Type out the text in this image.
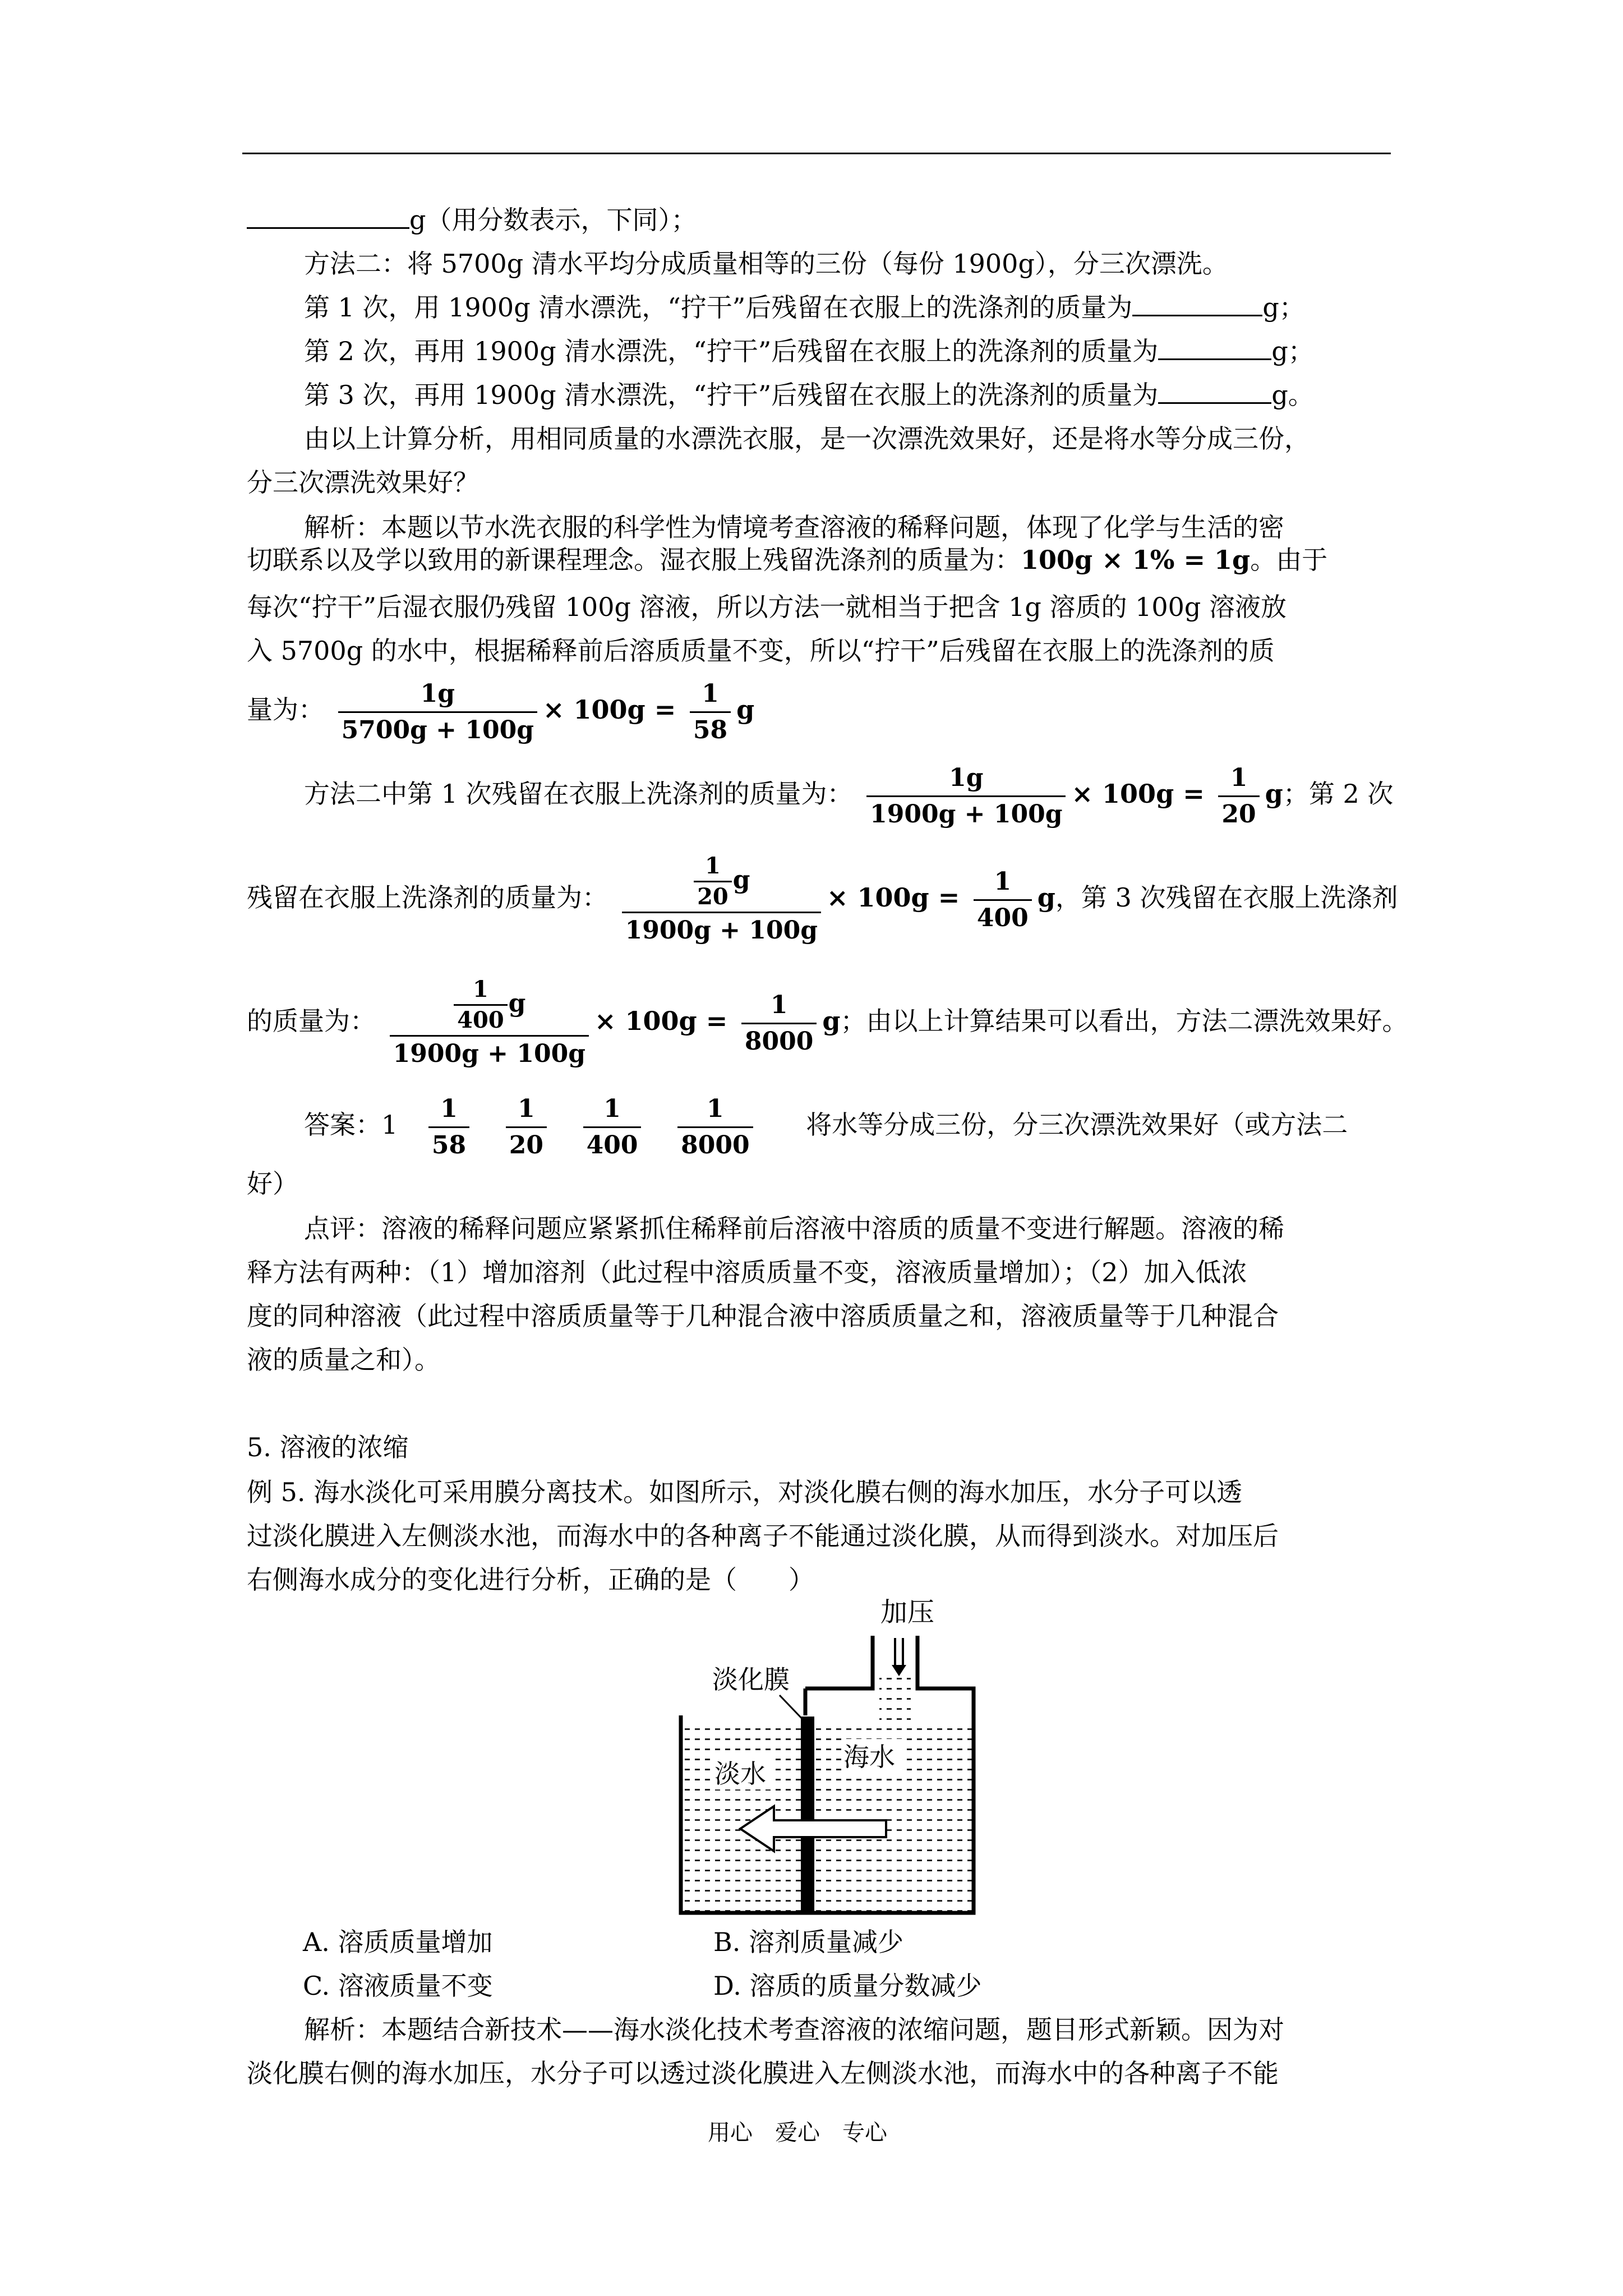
g（用分数表示，下同）；
方法二：将 5700g 清水平均分成质量相等的三份（每份 1900g），分三次漂洗。
第 1 次，用 1900g 清水漂洗，“拧干”后残留在衣服上的洗涤剂的质量为	g；
第 2 次，再用 1900g 清水漂洗，“拧干”后残留在衣服上的洗涤剂的质量为	g；
第 3 次，再用 1900g 清水漂洗，“拧干”后残留在衣服上的洗涤剂的质量为	g。
由以上计算分析，用相同质量的水漂洗衣服，是一次漂洗效果好，还是将水等分成三份，
分三次漂洗效果好？
解析：本题以节水洗衣服的科学性为情境考查溶液的稀释问题，体现了化学与生活的密
切联系以及学以致用的新课程理念。湿衣服上残留洗涤剂的质量为：100g × 1% = 1g。由于
每次“拧干”后湿衣服仍残留 100g 溶液，所以方法一就相当于把含 1g 溶质的 100g 溶液放
入 5700g 的水中，根据稀释前后溶质质量不变，所以“拧干”后残留在衣服上的洗涤剂的质
量为： $\frac{1g}{5700g + 100g} \times 100g = \frac{1}{58}$ g
方法二中第 1 次残留在衣服上洗涤剂的质量为： $\frac{1g}{1900g + 100g} \times 100g = \frac{1}{20}$ g；第 2 次
残留在衣服上洗涤剂的质量为： $\frac{\frac{1}{20} g}{1900g + 100g} \times 100g = \frac{1}{400}$ g，第 3 次残留在衣服上洗涤剂
的质量为： $\frac{\frac{1}{400} g}{1900g + 100g} \times 100g = \frac{1}{8000}$ g；由以上计算结果可以看出，方法二漂洗效果好。
答案：$1 \frac{1}{58}$
$\frac{1}{20}$
$\frac{1}{400}$
$\frac{1}{8000}$ 将水等分成三份，分三次漂洗效果好（或方法二
好）
点评：溶液的稀释问题应紧紧抓住稀释前后溶液中溶质的质量不变进行解题。溶液的稀
释方法有两种：（1）增加溶剂（此过程中溶质质量不变，溶液质量增加）；（2）加入低浓
度的同种溶液（此过程中溶质质量等于几种混合液中溶质质量之和，溶液质量等于几种混合
液的质量之和）。
5. 溶液的浓缩
例 5. 海水淡化可采用膜分离技术。如图所示，对淡化膜右侧的海水加压，水分子可以透
过淡化膜进入左侧淡水池，而海水中的各种离子不能通过淡化膜，从而得到淡水。对加压后
右侧海水成分的变化进行分析，正确的是（　　）
加压
淡化膜
淡水
海水
A. 溶质质量增加	B. 溶剂质量减少
C. 溶液质量不变	D. 溶质的质量分数减少
解析：本题结合新技术——海水淡化技术考查溶液的浓缩问题，题目形式新颖。因为对
淡化膜右侧的海水加压，水分子可以透过淡化膜进入左侧淡水池，而海水中的各种离子不能
用心　爱心　专心
